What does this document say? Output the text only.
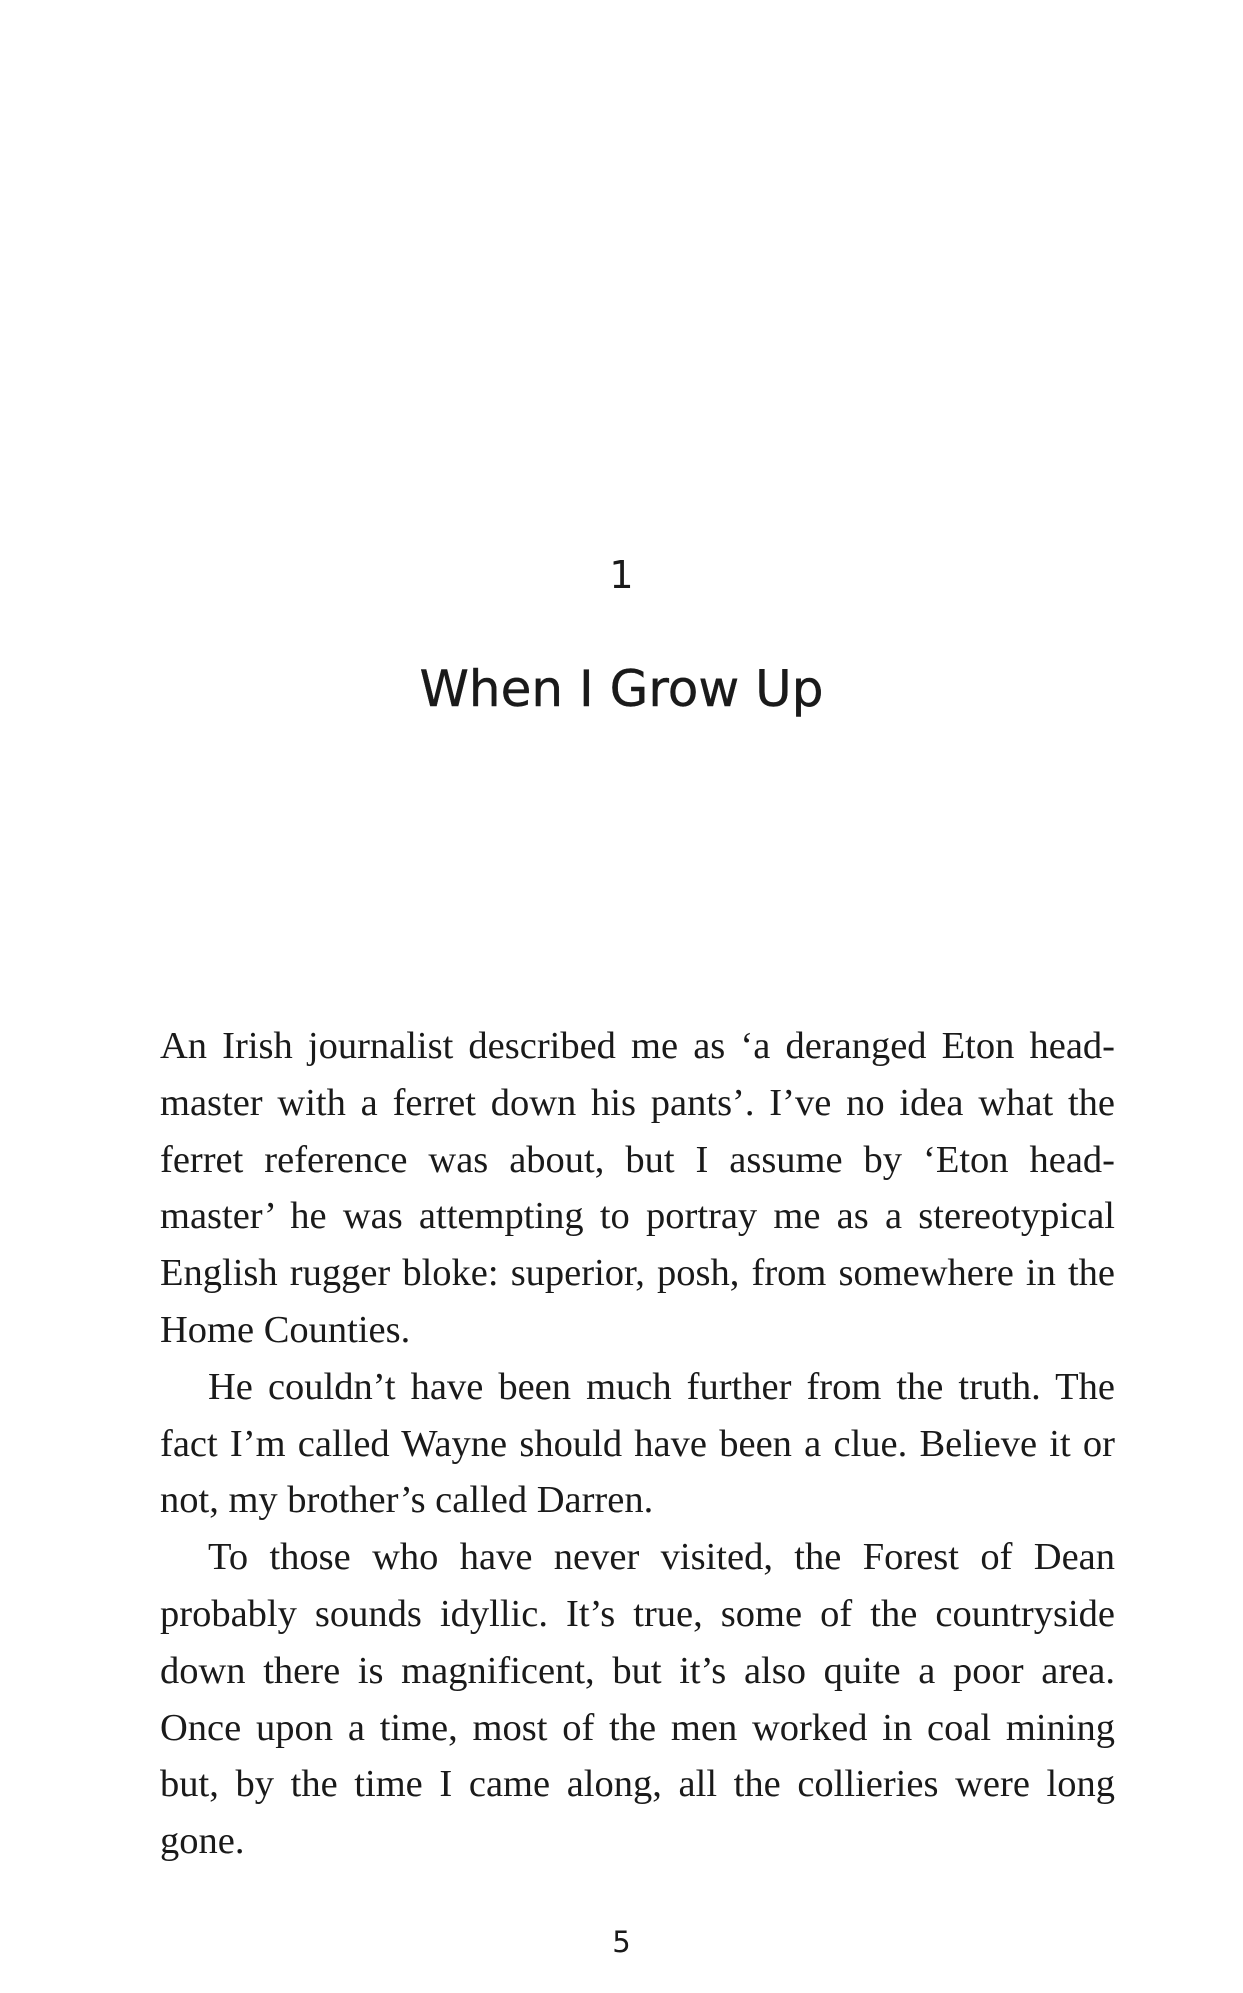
1
When I Grow Up

An Irish journalist described me as ‘a deranged Eton head-master with a ferret down his pants’. I’ve no idea what the ferret reference was about, but I assume by ‘Eton head-master’ he was attempting to portray me as a stereotypical English rugger bloke: superior, posh, from somewhere in the Home Counties.

He couldn’t have been much further from the truth. The fact I’m called Wayne should have been a clue. Believe it or not, my brother’s called Darren.

To those who have never visited, the Forest of Dean probably sounds idyllic. It’s true, some of the countryside down there is magnificent, but it’s also quite a poor area. Once upon a time, most of the men worked in coal mining but, by the time I came along, all the collieries were long gone.

5
